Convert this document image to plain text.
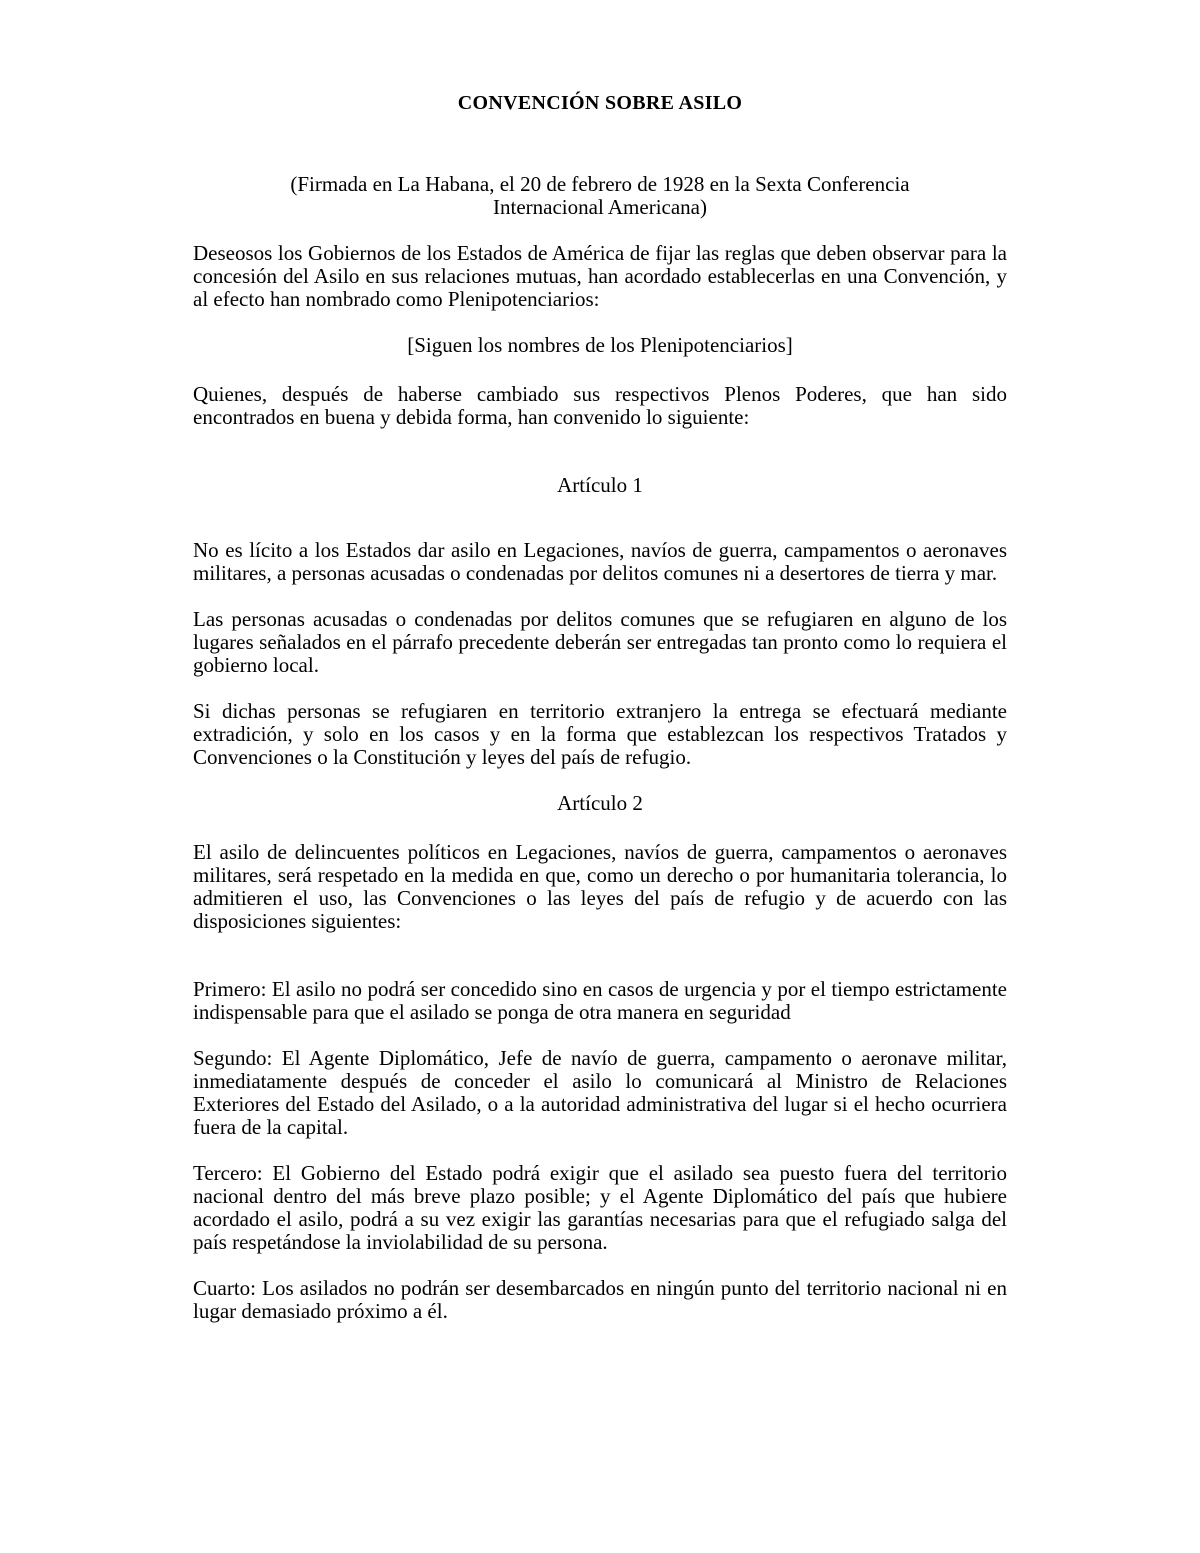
CONVENCIÓN SOBRE ASILO

(Firmada en La Habana, el 20 de febrero de 1928 en la Sexta Conferencia
Internacional Americana)

Deseosos los Gobiernos de los Estados de América de fijar las reglas que deben observar para la concesión del Asilo en sus relaciones mutuas, han acordado establecerlas en una Convención, y al efecto han nombrado como Plenipotenciarios:

[Siguen los nombres de los Plenipotenciarios]

Quienes, después de haberse cambiado sus respectivos Plenos Poderes, que han sido encontrados en buena y debida forma, han convenido lo siguiente:

Artículo 1

No es lícito a los Estados dar asilo en Legaciones, navíos de guerra, campamentos o aeronaves militares, a personas acusadas o condenadas por delitos comunes ni a desertores de tierra y mar.

Las personas acusadas o condenadas por delitos comunes que se refugiaren en alguno de los lugares señalados en el párrafo precedente deberán ser entregadas tan pronto como lo requiera el gobierno local.

Si dichas personas se refugiaren en territorio extranjero la entrega se efectuará mediante extradición, y solo en los casos y en la forma que establezcan los respectivos Tratados y Convenciones o la Constitución y leyes del país de refugio.

Artículo 2

El asilo de delincuentes políticos en Legaciones, navíos de guerra, campamentos o aeronaves militares, será respetado en la medida en que, como un derecho o por humanitaria tolerancia, lo admitieren el uso, las Convenciones o las leyes del país de refugio y de acuerdo con las disposiciones siguientes:

Primero: El asilo no podrá ser concedido sino en casos de urgencia y por el tiempo estrictamente indispensable para que el asilado se ponga de otra manera en seguridad

Segundo: El Agente Diplomático, Jefe de navío de guerra, campamento o aeronave militar, inmediatamente después de conceder el asilo lo comunicará al Ministro de Relaciones Exteriores del Estado del Asilado, o a la autoridad administrativa del lugar si el hecho ocurriera fuera de la capital.

Tercero: El Gobierno del Estado podrá exigir que el asilado sea puesto fuera del territorio nacional dentro del más breve plazo posible; y el Agente Diplomático del país que hubiere acordado el asilo, podrá a su vez exigir las garantías necesarias para que el refugiado salga del país respetándose la inviolabilidad de su persona.

Cuarto: Los asilados no podrán ser desembarcados en ningún punto del territorio nacional ni en lugar demasiado próximo a él.
